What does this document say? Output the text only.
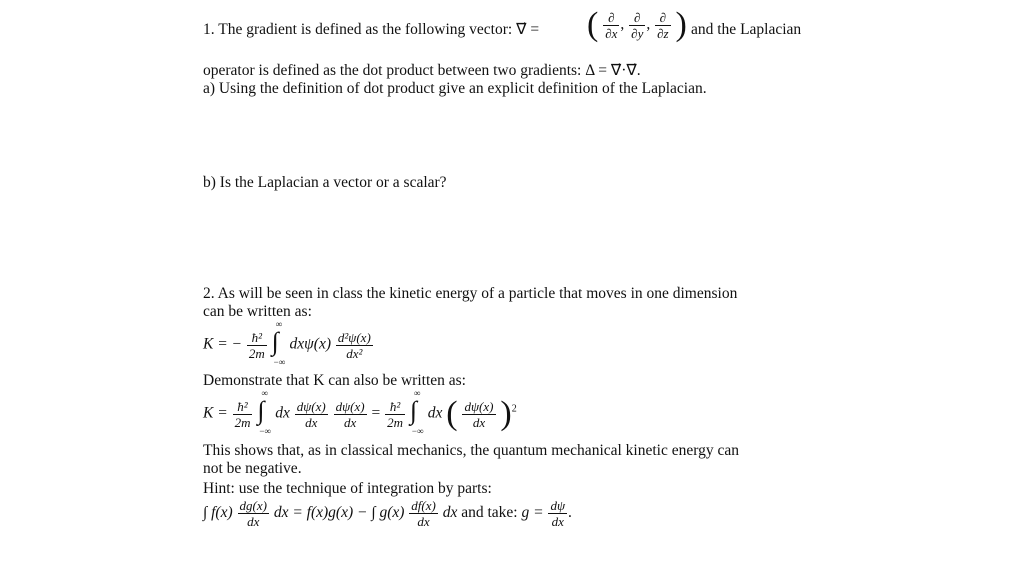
1. The gradient is defined as the following vector: ∇⃗ = ( $\frac{\partial}{\partial x}$ , $\frac{\partial}{\partial y}$ , $\frac{\partial}{\partial z}$ ) and the Laplacian
operator is defined as the dot product between two gradients: Δ = ∇⃗·∇⃗.
a) Using the definition of dot product give an explicit definition of the Laplacian.
b) Is the Laplacian a vector or a scalar?
2. As will be seen in class the kinetic energy of a particle that moves in one dimension
can be written as:
K = − $\frac{\text{ħ²}}{2m}$

∞
∫
−∞
$dx\psi(x) \frac{\text{d²ψ(x)}}{\text{dx²}}$
Demonstrate that K can also be written as:
$K = \frac{\text{ħ²}}{2m}$

∞
∫
−∞
dx $\frac{d\psi(x)}{dx}$
$\frac{d\psi(x)}{dx} = \frac{\text{ħ²}}{2m}$

∞
∫
−∞
dx ( $\frac{d\psi(x)}{dx} )^2$
This shows that, as in classical mechanics, the quantum mechanical kinetic energy can
not be negative.
Hint: use the technique of integration by parts:
∫ $f(x) \frac{dg(x)}{dx}$ dx = f(x)g(x) − ∫ $g(x) \frac{df(x)}{dx}$ dx and take: $g = \frac{d\psi}{dx}$ .
